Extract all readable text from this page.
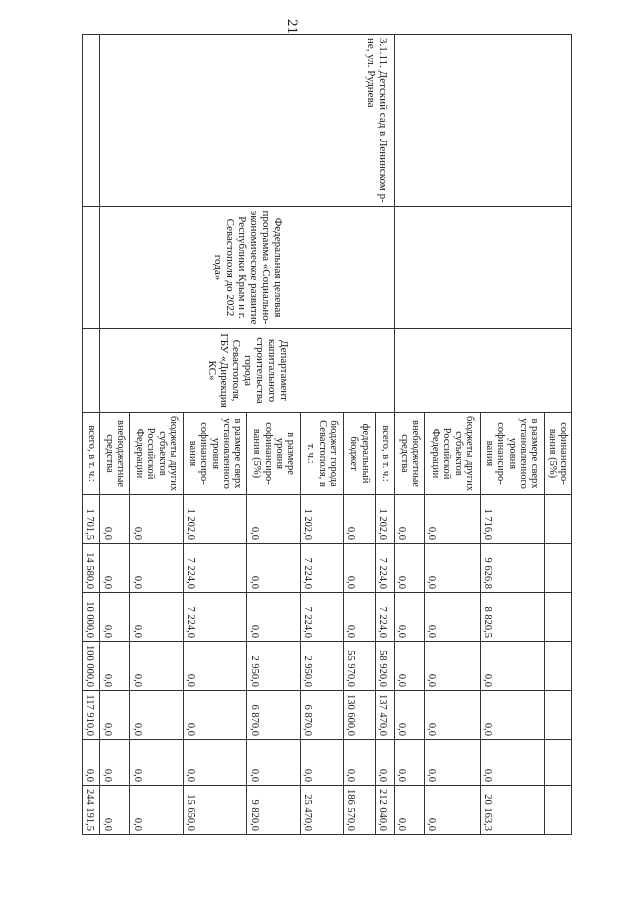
21
			софинансиро-вания (5%)							
			в размере сверх установленного уровня софинансиро-вания	1 716,0	9 626,8	8 820,5	0,0	0,0	0,0	20 163,3
			бюджеты других субъектов Российской Федерации	0,0	0,0	0,0	0,0	0,0	0,0	0,0
			внебюджетные средства	0,0	0,0	0,0	0,0	0,0	0,0	0,0
3.1.11. Детский сад в Ленинском р-не, ул. Руднева	Федеральная целевая программа «Социально-экономическое развитие Республики Крым и г. Севастополя до 2022 года»	Департамент капитального строительства города Севастополя, ГБУ «Дирекция КС»	всего, в т. ч.:	1 202,0	7 224,0	7 224,0	58 920,0	137 470,0	0,0	212 040,0
			федеральный бюджет	0,0	0,0	0,0	55 970,0	130 600,0	0,0	186 570,0
			бюджет города Севастополя, в т. ч.:	1 202,0	7 224,0	7 224,0	2 950,0	6 870,0	0,0	25 470,0
			в размере уровня софинансиро-вания (5%)	0,0	0,0	0,0	2 950,0	6 870,0	0,0	9 820,0
			в размере сверх установленного уровня софинансиро-вания	1 202,0	7 224,0	7 224,0	0,0	0,0	0,0	15 650,0
			бюджеты других субъектов Российской Федерации	0,0	0,0	0,0	0,0	0,0	0,0	0,0
			внебюджетные средства	0,0	0,0	0,0	0,0	0,0	0,0	0,0
			всего, в т. ч.:	1 701,5	14 580,0	10 000,0	100 000,0	117 910,0	0,0	244 191,5
